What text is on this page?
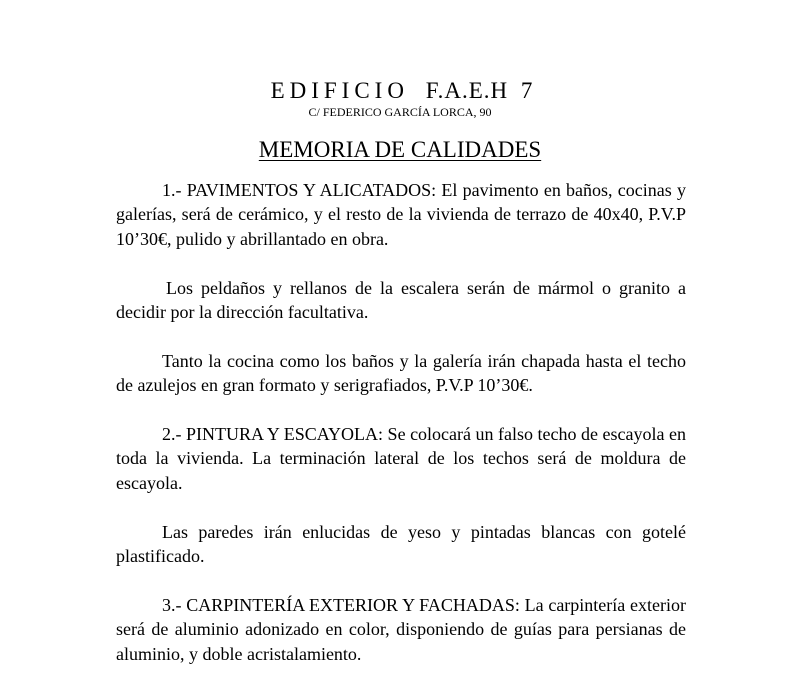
EDIFICIO F.A.E.H 7
C/ FEDERICO GARCÍA LORCA, 90
MEMORIA DE CALIDADES

1.- PAVIMENTOS Y ALICATADOS: El pavimento en baños, cocinas y galerías, será de cerámico, y el resto de la vivienda de terrazo de 40x40, P.V.P 10’30€, pulido y abrillantado en obra.

Los peldaños y rellanos de la escalera serán de mármol o granito a decidir por la dirección facultativa.

Tanto la cocina como los baños y la galería irán chapada hasta el techo de azulejos en gran formato y serigrafiados, P.V.P 10’30€.

2.- PINTURA Y ESCAYOLA: Se colocará un falso techo de escayola en toda la vivienda. La terminación lateral de los techos será de moldura de escayola.

Las paredes irán enlucidas de yeso y pintadas blancas con gotelé plastificado.

3.- CARPINTERÍA EXTERIOR Y FACHADAS: La carpintería exterior será de aluminio adonizado en color, disponiendo de guías para persianas de aluminio, y doble acristalamiento.
